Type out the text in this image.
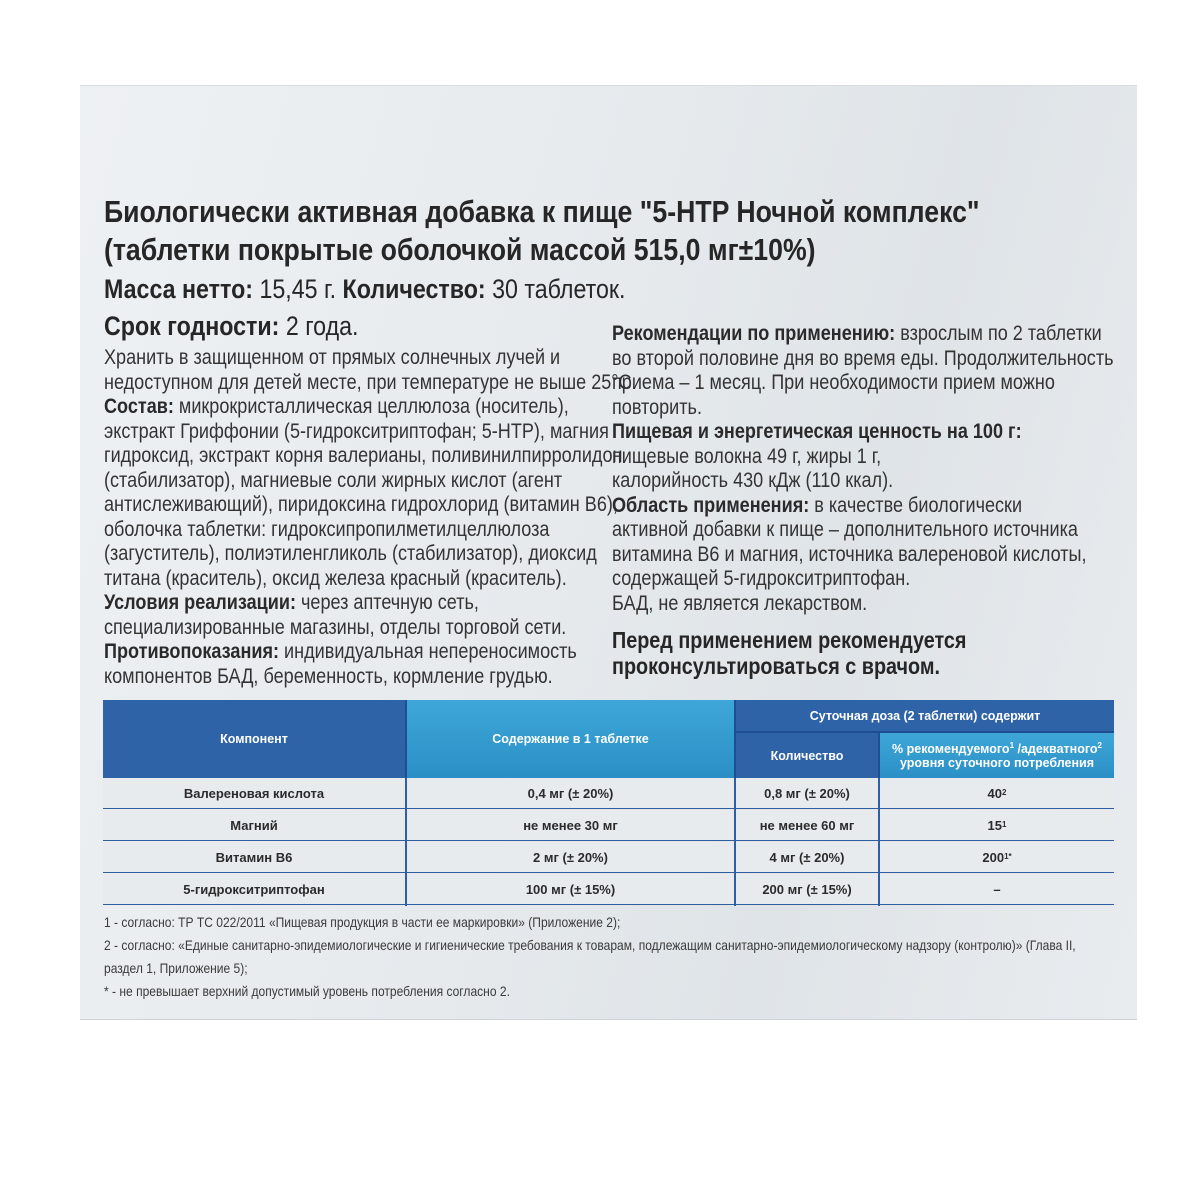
Биологически активная добавка к пище "5-HTP Ночной комплекс"
(таблетки покрытые оболочкой массой 515,0 мг±10%)
Масса нетто: 15,45 г. Количество: 30 таблеток.
Срок годности: 2 года.
Хранить в защищенном от прямых солнечных лучей и
недоступном для детей месте, при температуре не выше 25°С.
Состав: микрокристаллическая целлюлоза (носитель),
экстракт Гриффонии (5-гидрокситриптофан; 5-HTP), магния
гидроксид, экстракт корня валерианы, поливинилпирролидон
(стабилизатор), магниевые соли жирных кислот (агент
антислеживающий), пиридоксина гидрохлорид (витамин В6),
оболочка таблетки: гидроксипропилметилцеллюлоза
(загуститель), полиэтиленгликоль (стабилизатор), диоксид
титана (краситель), оксид железа красный (краситель).
Условия реализации: через аптечную сеть,
специализированные магазины, отделы торговой сети.
Противопоказания: индивидуальная непереносимость
компонентов БАД, беременность, кормление грудью.
Рекомендации по применению: взрослым по 2 таблетки
во второй половине дня во время еды. Продолжительность
приема – 1 месяц. При необходимости прием можно
повторить.
Пищевая и энергетическая ценность на 100 г:
пищевые волокна 49 г, жиры 1 г,
калорийность 430 кДж (110 ккал).
Область применения: в качестве биологически
активной добавки к пище – дополнительного источника
витамина В6 и магния, источника валереновой кислоты,
содержащей 5-гидрокситриптофан.
БАД, не является лекарством.
Перед применением рекомендуется
проконсультироваться с врачом.
Компонент	Содержание в 1 таблетке
Суточная доза (2 таблетки) содержит
Количество	% рекомендуемого$^1$ /адекватного$^2$
уровня суточного потребления
Валереновая кислота	0,4 мг (± 20%)	0,8 мг (± 20%)	40 2
Магний	не менее 30 мг	не менее 60 мг	15 1
Витамин В6	2 мг (± 20%)	4 мг (± 20%)	200 1*
5-гидрокситриптофан	100 мг (± 15%)	200 мг (± 15%)	–
1 - согласно: ТР ТС 022/2011 «Пищевая продукция в части ее маркировки» (Приложение 2);
2 - согласно: «Единые санитарно-эпидемиологические и гигиенические требования к товарам, подлежащим санитарно-эпидемиологическому надзору (контролю)» (Глава II,
раздел 1, Приложение 5);
* - не превышает верхний допустимый уровень потребления согласно 2.
